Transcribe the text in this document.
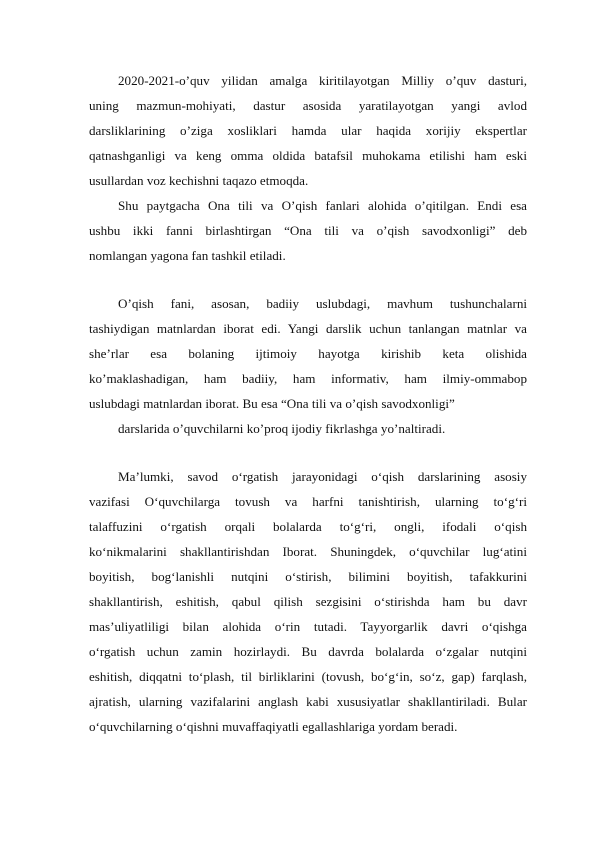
2020-2021-o’quv yilidan amalga kiritilayotgan Milliy o’quv dasturi,
uning mazmun-mohiyati, dastur asosida yaratilayotgan yangi avlod
darsliklarining o’ziga xosliklari hamda ular haqida xorijiy ekspertlar
qatnashganligi va keng omma oldida batafsil muhokama etilishi ham eski
usullardan voz kechishni taqazo etmoqda.
Shu paytgacha Ona tili va O’qish fanlari alohida o’qitilgan. Endi esa
ushbu ikki fanni birlashtirgan “Ona tili va o’qish savodxonligi” deb
nomlangan yagona fan tashkil etiladi.
O’qish fani, asosan, badiiy uslubdagi, mavhum tushunchalarni
tashiydigan matnlardan iborat edi. Yangi darslik uchun tanlangan matnlar va
she’rlar esa bolaning ijtimoiy hayotga kirishib keta olishida
ko’maklashadigan, ham badiiy, ham informativ, ham ilmiy-ommabop
uslubdagi matnlardan iborat. Bu esa “Ona tili va o’qish savodxonligi”
darslarida o’quvchilarni ko’proq ijodiy fikrlashga yo’naltiradi.
Ma’lumki, savod o‘rgatish jarayonidagi o‘qish darslarining asosiy
vazifasi O‘quvchilarga tovush va harfni tanishtirish, ularning to‘g‘ri
talaffuzini o‘rgatish orqali bolalarda to‘g‘ri, ongli, ifodali o‘qish
ko‘nikmalarini shakllantirishdan Iborat. Shuningdek, o‘quvchilar lug‘atini
boyitish, bog‘lanishli nutqini o‘stirish, bilimini boyitish, tafakkurini
shakllantirish, eshitish, qabul qilish sezgisini o‘stirishda ham bu davr
mas’uliyatliligi bilan alohida o‘rin tutadi. Tayyorgarlik davri o‘qishga
o‘rgatish uchun zamin hozirlaydi. Bu davrda bolalarda o‘zgalar nutqini
eshitish, diqqatni to‘plash, til birliklarini (tovush, bo‘g‘in, so‘z, gap) farqlash,
ajratish, ularning vazifalarini anglash kabi xususiyatlar shakllantiriladi. Bular
o‘quvchilarning o‘qishni muvaffaqiyatli egallashlariga yordam beradi.
